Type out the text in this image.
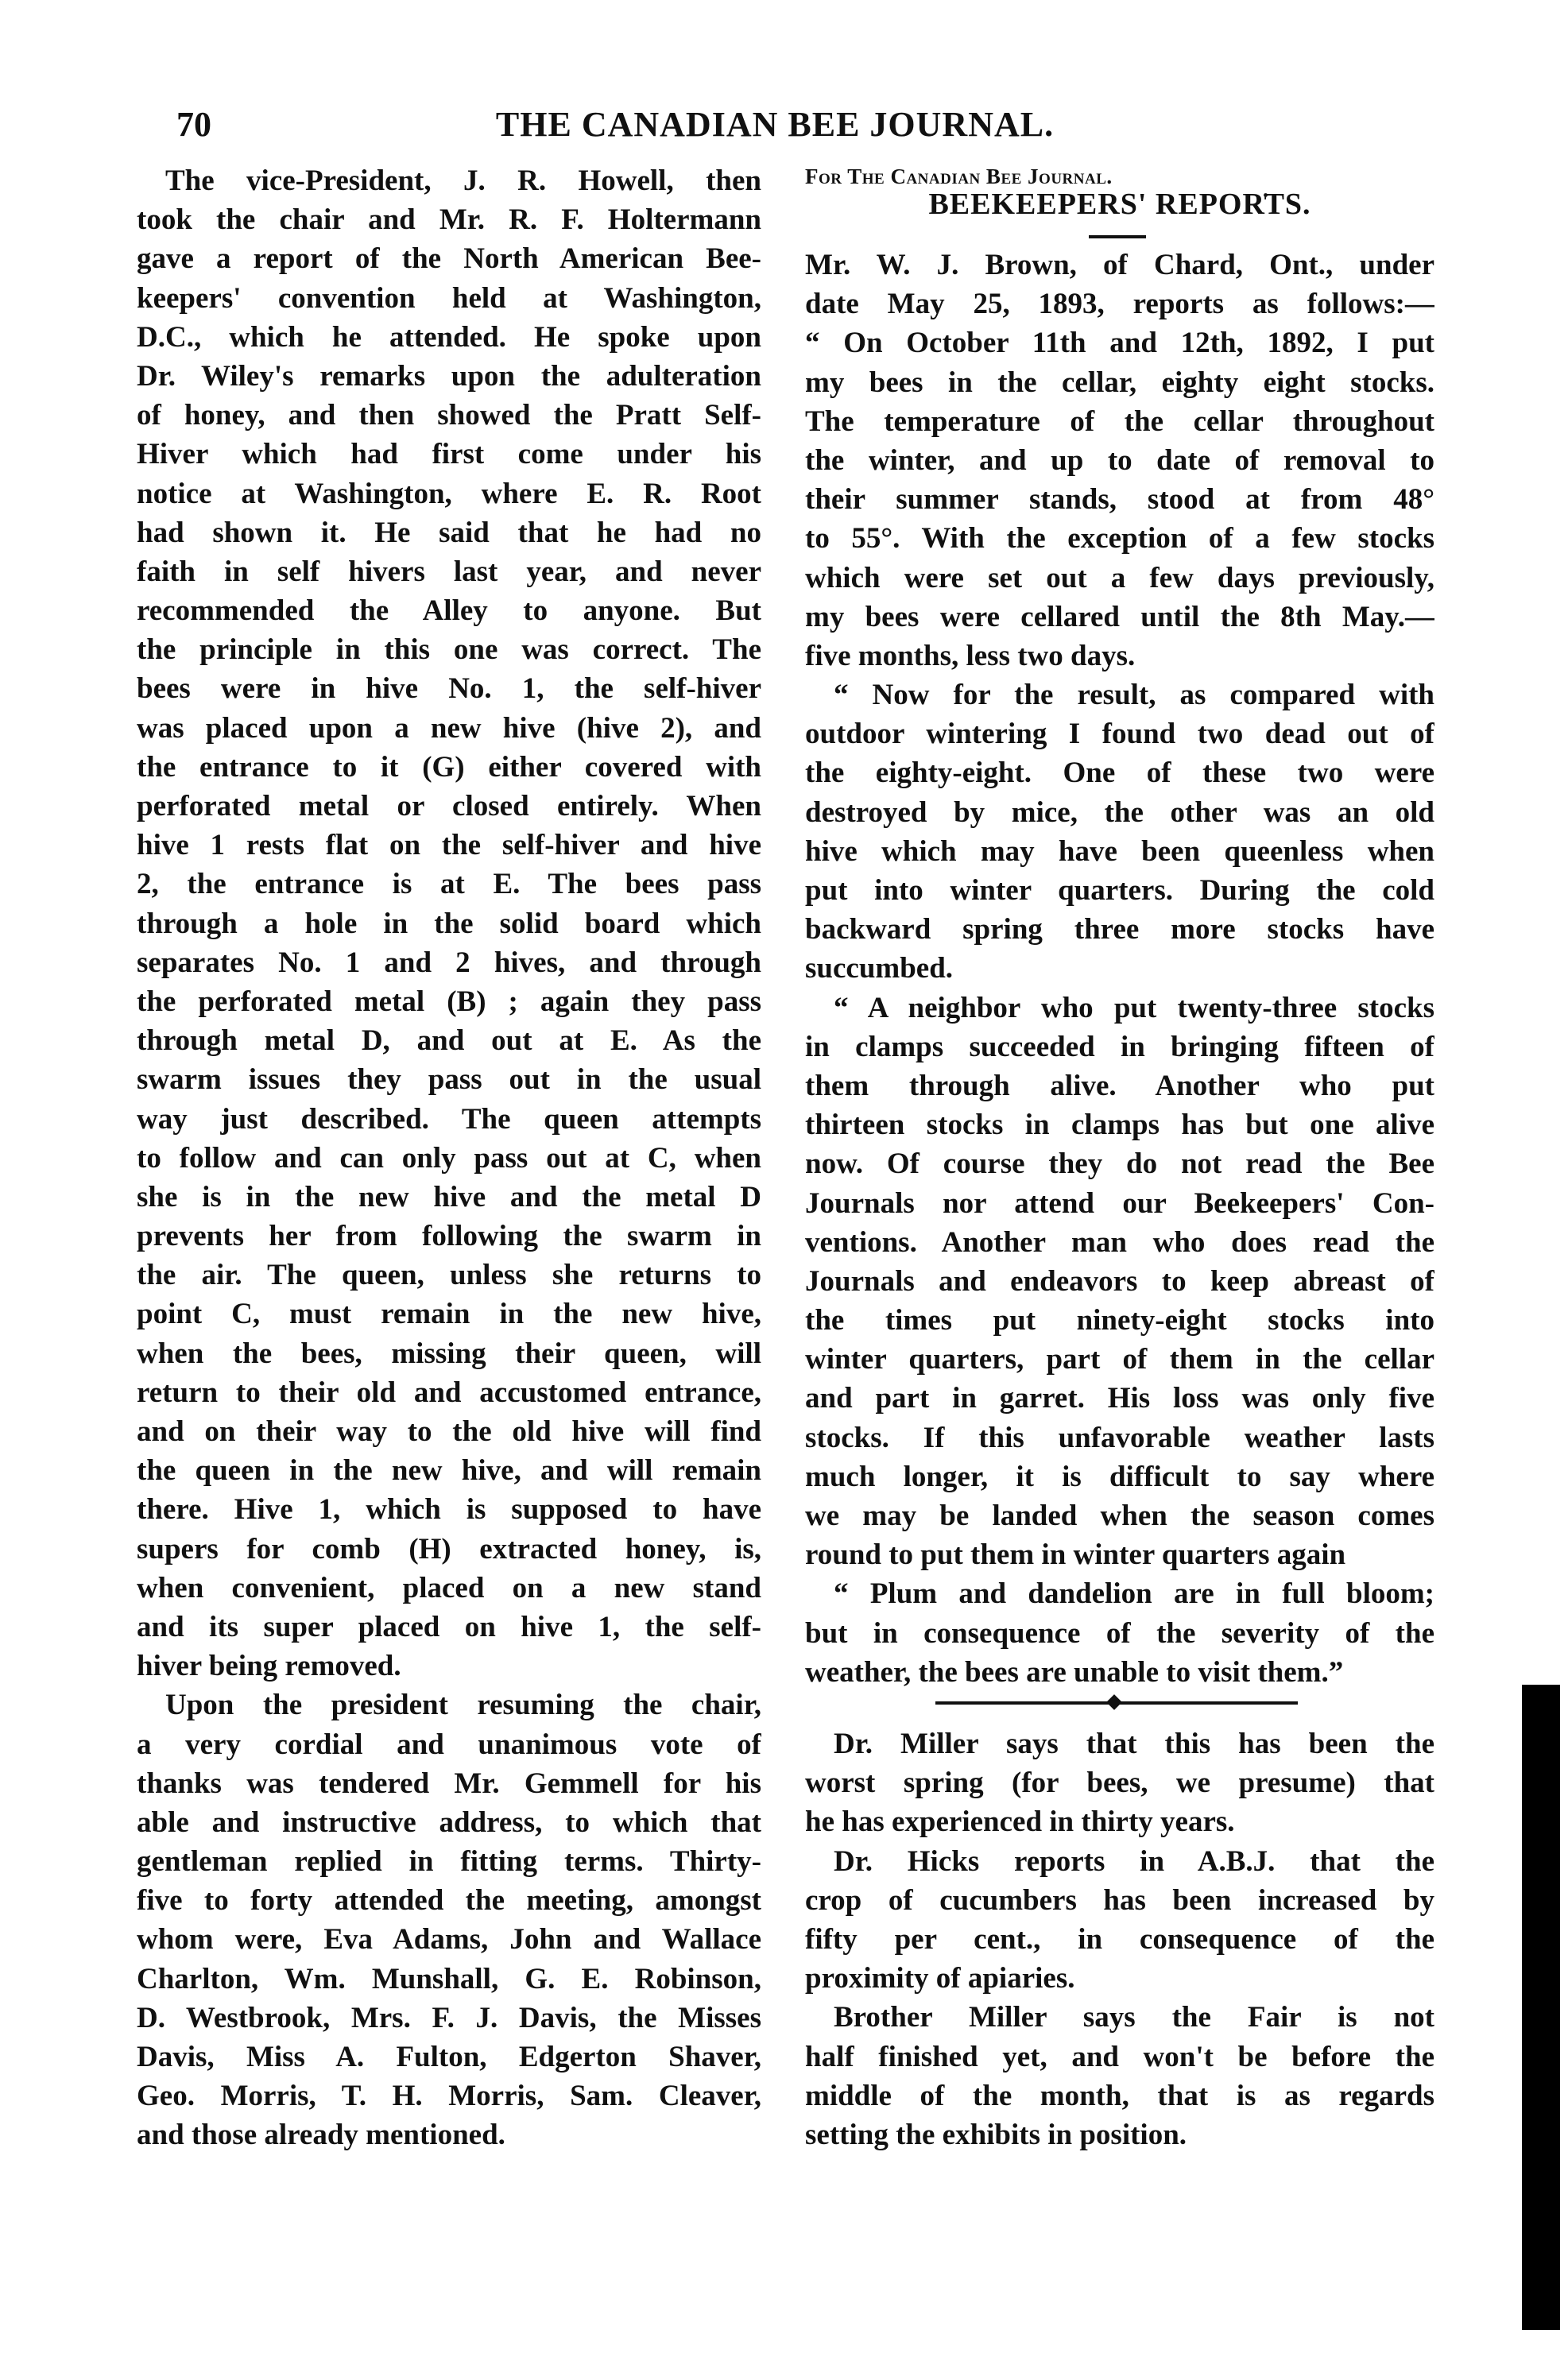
70	THE CANADIAN BEE JOURNAL.
The vice-President, J. R. Howell, then
took the chair and Mr. R. F. Holtermann
gave a report of the North American Bee-
keepers' convention held at Washington,
D.C., which he attended. He spoke upon
Dr. Wiley's remarks upon the adulteration
of honey, and then showed the Pratt Self-
Hiver which had first come under his
notice at Washington, where E. R. Root
had shown it. He said that he had no
faith in self hivers last year, and never
recommended the Alley to anyone. But
the principle in this one was correct. The
bees were in hive No. 1, the self-hiver
was placed upon a new hive (hive 2), and
the entrance to it (G) either covered with
perforated metal or closed entirely. When
hive 1 rests flat on the self-hiver and hive
2, the entrance is at E. The bees pass
through a hole in the solid board which
separates No. 1 and 2 hives, and through
the perforated metal (B) ; again they pass
through metal D, and out at E. As the
swarm issues they pass out in the usual
way just described. The queen attempts
to follow and can only pass out at C, when
she is in the new hive and the metal D
prevents her from following the swarm in
the air. The queen, unless she returns to
point C, must remain in the new hive,
when the bees, missing their queen, will
return to their old and accustomed entrance,
and on their way to the old hive will find
the queen in the new hive, and will remain
there. Hive 1, which is supposed to have
supers for comb (H) extracted honey, is,
when convenient, placed on a new stand
and its super placed on hive 1, the self-
hiver being removed.
Upon the president resuming the chair,
a very cordial and unanimous vote of
thanks was tendered Mr. Gemmell for his
able and instructive address, to which that
gentleman replied in fitting terms. Thirty-
five to forty attended the meeting, amongst
whom were, Eva Adams, John and Wallace
Charlton, Wm. Munshall, G. E. Robinson,
D. Westbrook, Mrs. F. J. Davis, the Misses
Davis, Miss A. Fulton, Edgerton Shaver,
Geo. Morris, T. H. Morris, Sam. Cleaver,
and those already mentioned.
For The Canadian Bee Journal.
BEEKEEPERS' REPORTS.
Mr. W. J. Brown, of Chard, Ont., under
date May 25, 1893, reports as follows:—
“ On October 11th and 12th, 1892, I put
my bees in the cellar, eighty eight stocks.
The temperature of the cellar throughout
the winter, and up to date of removal to
their summer stands, stood at from 48°
to 55°. With the exception of a few stocks
which were set out a few days previously,
my bees were cellared until the 8th May.—
five months, less two days.
“ Now for the result, as compared with
outdoor wintering I found two dead out of
the eighty-eight. One of these two were
destroyed by mice, the other was an old
hive which may have been queenless when
put into winter quarters. During the cold
backward spring three more stocks have
succumbed.
“ A neighbor who put twenty-three stocks
in clamps succeeded in bringing fifteen of
them through alive. Another who put
thirteen stocks in clamps has but one alive
now. Of course they do not read the Bee
Journals nor attend our Beekeepers' Con-
ventions. Another man who does read the
Journals and endeavors to keep abreast of
the times put ninety-eight stocks into
winter quarters, part of them in the cellar
and part in garret. His loss was only five
stocks. If this unfavorable weather lasts
much longer, it is difficult to say where
we may be landed when the season comes
round to put them in winter quarters again
“ Plum and dandelion are in full bloom;
but in consequence of the severity of the
weather, the bees are unable to visit them.”
Dr. Miller says that this has been the
worst spring (for bees, we presume) that
he has experienced in thirty years.
Dr. Hicks reports in A.B.J. that the
crop of cucumbers has been increased by
fifty per cent., in consequence of the
proximity of apiaries.
Brother Miller says the Fair is not
half finished yet, and won't be before the
middle of the month, that is as regards
setting the exhibits in position.
